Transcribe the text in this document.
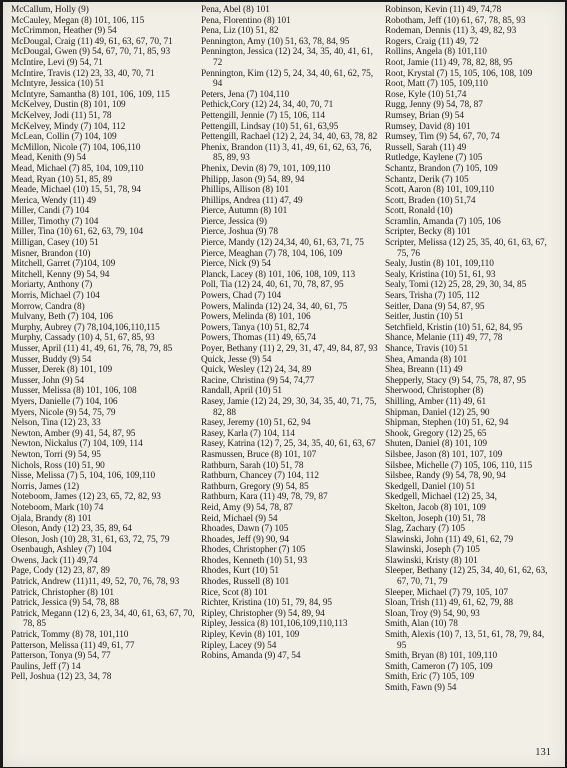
McCallum, Holly (9)
McCauley, Megan (8) 101, 106, 115
McCrimmon, Heather (9) 54
McDougal, Craig (11) 49, 61, 63, 67, 70, 71
McDougal, Gwen (9) 54, 67, 70, 71, 85, 93
McIntire, Levi (9) 54, 71
McIntire, Travis (12) 23, 33, 40, 70, 71
McIntyre, Jessica (10) 51
McIntyre, Samantha (8) 101, 106, 109, 115
McKelvey, Dustin (8) 101, 109
McKelvey, Jodi (11) 51, 78
McKelvey, Mindy (7) 104, 112
McLean, Collin (7) 104, 109
McMillon, Nicole (7) 104, 106,110
Mead, Kenith (9) 54
Mead, Michael (7) 85, 104, 109,110
Mead, Ryan (10) 51, 85, 89
Meade, Michael (10) 15, 51, 78, 94
Merica, Wendy (11) 49
Miller, Candi (7) 104
Miller, Timothy (7) 104
Miller, Tina (10) 61, 62, 63, 79, 104
Milligan, Casey (10) 51
Misner, Brandon (10)
Mitchell, Garret (7)104, 109
Mitchell, Kenny (9) 54, 94
Moriarty, Anthony (7)
Morris, Michael (7) 104
Morrow, Candra (8)
Mulvany, Beth (7) 104, 106
Murphy, Aubrey (7) 78,104,106,110,115
Murphy, Cassady (10) 4, 51, 67, 85, 93
Musser, April (11) 41, 49, 61, 76, 78, 79, 85
Musser, Buddy (9) 54
Musser, Derek (8) 101, 109
Musser, John (9) 54
Musser, Melissa (8) 101, 106, 108
Myers, Danielle (7) 104, 106
Myers, Nicole (9) 54, 75, 79
Nelson, Tina (12) 23, 33
Newton, Amber (9) 41, 54, 87, 95
Newton, Nickalus (7) 104, 109, 114
Newton, Torri (9) 54, 95
Nichols, Ross (10) 51, 90
Nisse, Melissa (7) 5, 104, 106, 109,110
Norris, James (12)
Noteboom, James (12) 23, 65, 72, 82, 93
Noteboom, Mark (10) 74
Ojala, Brandy (8) 101
Oleson, Andy (12) 23, 35, 89, 64
Oleson, Josh (10) 28, 31, 61, 63, 72, 75, 79
Osenbaugh, Ashley (7) 104
Owens, Jack (11) 49,74
Page, Cody (12) 23, 87, 89
Patrick, Andrew (11)11, 49, 52, 70, 76, 78, 93
Patrick, Christopher (8) 101
Patrick, Jessica (9) 54, 78, 88
Patrick, Megann (12) 6, 23, 34, 40, 61, 63, 67, 70, 78, 85
Patrick, Tommy (8) 78, 101,110
Patterson, Melissa (11) 49, 61, 77
Patterson, Tonya (9) 54, 77
Paulins, Jeff (7) 14
Pell, Joshua (12) 23, 34, 78
Pena, Abel (8) 101
Pena, Florentino (8) 101
Pena, Liz (10) 51, 82
Pennington, Amy (10) 51, 63, 78, 84, 95
Pennington, Jessica (12) 24, 34, 35, 40, 41, 61, 72
Pennington, Kim (12) 5, 24, 34, 40, 61, 62, 75, 94
Peters, Jena (7) 104,110
Pethick,Cory (12) 24, 34, 40, 70, 71
Pettengill, Jennie (7) 15, 106, 114
Pettengill, Lindsay (10) 51, 61, 63,95
Pettengill, Rachael (12) 2, 24, 34, 40, 63, 78, 82
Phenix, Brandon (11) 3, 41, 49, 61, 62, 63, 76, 85, 89, 93
Phenix, Devin (8) 79, 101, 109,110
Philipp, Jason (9) 54, 89, 94
Phillips, Allison (8) 101
Phillips, Andrea (11) 47, 49
Pierce, Autumn (8) 101
Pierce, Jessica (9)
Pierce, Joshua (9) 78
Pierce, Mandy (12) 24,34, 40, 61, 63, 71, 75
Pierce, Meaghan (7) 78, 104, 106, 109
Pierce, Nick (9) 54
Planck, Lacey (8) 101, 106, 108, 109, 113
Poll, Tia (12) 24, 40, 61, 70, 78, 87, 95
Powers, Chad (7) 104
Powers, Malinda (12) 24, 34, 40, 61, 75
Powers, Melinda (8) 101, 106
Powers, Tanya (10) 51, 82,74
Powers, Thomas (11) 49, 65,74
Poyer, Bethany (11) 2, 29, 31, 47, 49, 84, 87, 93
Quick, Jesse (9) 54
Quick, Wesley (12) 24, 34, 89
Racine, Christina (9) 54, 74,77
Randall, April (10) 51
Rasey, Jamie (12) 24, 29, 30, 34, 35, 40, 71, 75, 82, 88
Rasey, Jeremy (10) 51, 62, 94
Rasey, Karla (7) 104, 114
Rasey, Katrina (12) 7, 25, 34, 35, 40, 61, 63, 67
Rasmussen, Bruce (8) 101, 107
Rathburn, Sarah (10) 51, 78
Rathburn, Chancey (7) 104, 112
Rathburn, Gregory (9) 54, 85
Rathburn, Kara (11) 49, 78, 79, 87
Reid, Amy (9) 54, 78, 87
Reid, Michael (9) 54
Rhoades, Dawn (7) 105
Rhoades, Jeff (9) 90, 94
Rhodes, Christopher (7) 105
Rhodes, Kenneth (10) 51, 93
Rhodes, Kurt (10) 51
Rhodes, Russell (8) 101
Rice, Scot (8) 101
Richter, Kristina (10) 51, 79, 84, 95
Ripley, Christopher (9) 54, 89, 94
Ripley, Jessica (8) 101,106,109,110,113
Ripley, Kevin (8) 101, 109
Ripley, Lacey (9) 54
Robins, Amanda (9) 47, 54
Robinson, Kevin (11) 49, 74,78
Robotham, Jeff (10) 61, 67, 78, 85, 93
Rodeman, Dennis (11) 3, 49, 82, 93
Rogers, Craig (11) 49, 72
Rollins, Angela (8) 101,110
Root, Jamie (11) 49, 78, 82, 88, 95
Root, Krystal (7) 15, 105, 106, 108, 109
Root, Matt (7) 105, 109,110
Rose, Kyle (10) 51,74
Rugg, Jenny (9) 54, 78, 87
Rumsey, Brian (9) 54
Rumsey, David (8) 101
Rumsey, Tim (9) 54, 67, 70, 74
Russell, Sarah (11) 49
Rutledge, Kaylene (7) 105
Schantz, Brandon (7) 105, 109
Schantz, Derik (7) 105
Scott, Aaron (8) 101, 109,110
Scott, Braden (10) 51,74
Scott, Ronald (10)
Scramlin, Amanda (7) 105, 106
Scripter, Becky (8) 101
Scripter, Melissa (12) 25, 35, 40, 61, 63, 67, 75, 76
Sealy, Justin (8) 101, 109,110
Sealy, Kristina (10) 51, 61, 93
Sealy, Tomi (12) 25, 28, 29, 30, 34, 85
Sears, Trisha (7) 105, 112
Seitler, Dana (9) 54, 87, 95
Seitler, Justin (10) 51
Setchfield, Kristin (10) 51, 62, 84, 95
Shance, Melanie (11) 49, 77, 78
Shance, Travis (10) 51
Shea, Amanda (8) 101
Shea, Breann (11) 49
Shepperly, Stacy (9) 54, 75, 78, 87, 95
Sherwood, Christopher (8)
Shilling, Amber (11) 49, 61
Shipman, Daniel (12) 25, 90
Shipman, Stephen (10) 51, 62, 94
Shook, Gregory (12) 25, 65
Shuten, Daniel (8) 101, 109
Silsbee, Jason (8) 101, 107, 109
Silsbee, Michelle (7) 105, 106, 110, 115
Silsbee, Randy (9) 54, 78, 90, 94
Skedgell, Daniel (10) 51
Skedgell, Michael (12) 25, 34,
Skelton, Jacob (8) 101, 109
Skelton, Joseph (10) 51, 78
Slag, Zachary (7) 105
Slawinski, John (11) 49, 61, 62, 79
Slawinski, Joseph (7) 105
Slawinski, Kristy (8) 101
Sleeper, Bethany (12) 25, 34, 40, 61, 62, 63, 67, 70, 71, 79
Sleeper, Michael (7) 79, 105, 107
Sloan, Trish (11) 49, 61, 62, 79, 88
Sloan, Troy (9) 54, 90, 93
Smith, Alan (10) 78
Smith, Alexis (10) 7, 13, 51, 61, 78, 79, 84, 95
Smith, Bryan (8) 101, 109,110
Smith, Cameron (7) 105, 109
Smith, Eric (7) 105, 109
Smith, Fawn (9) 54
131
